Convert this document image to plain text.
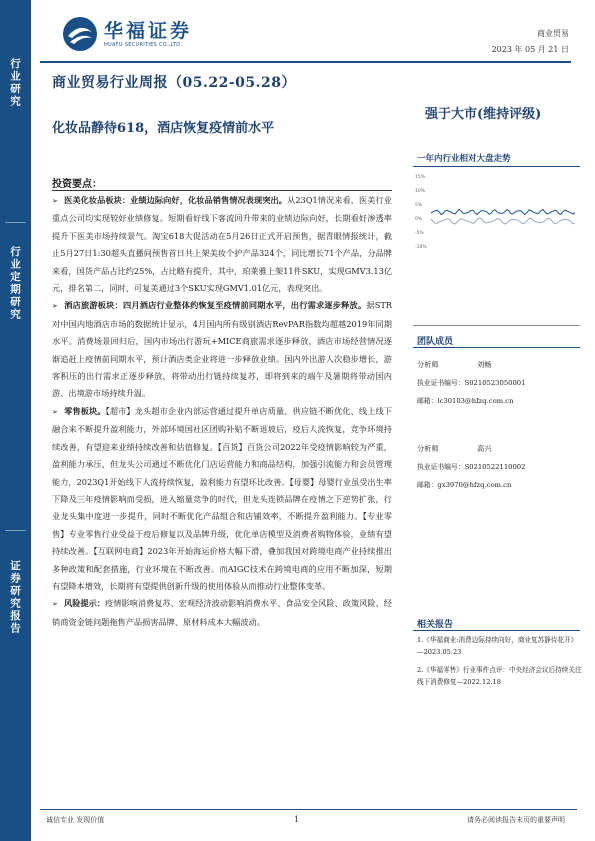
行业研究
行业定期研究
证券研究报告
华福证券
HUAFU SECURITIES CO.,LTD.
商业贸易
2023 年 05 月 21 日
商业贸易行业周报（05.22-05.28）
化妆品静待618，酒店恢复疫情前水平
强于大市(维持评级)
投资要点：

➢ 医美化妆品板块：业绩边际向好，化妆品销售情况表现突出。从23Q1情况来看，医美行业重点公司均实现较好业绩修复。短期看好线下客流回升带来的业绩边际向好，长期看好渗透率提升下医美市场持续景气。淘宝618大促活动在5月26日正式开启预售，据青眼情报统计，截止5月27日1:30超头直播间预售首日共上架美妆个护产品324个，同比增长71个产品，分品牌来看，国货产品占比约25%，占比略有提升，其中，珀莱雅上架11件SKU，实现GMV3.13亿元，排名第二，同时，可复美通过3个SKU实现GMV1.01亿元，表现突出。

➢ 酒店旅游板块：四月酒店行业整体约恢复至疫情前同期水平，出行需求逐步释放。据STR对中国内地酒店市场的数据统计显示，4月国内所有级别酒店RevPAR指数均超越2019年同期水平。消费场景回归后，国内市场出行游玩+MICE商旅需求逐步释放，酒店市场经营情况逐渐追赶上疫情前同期水平，预计酒店类企业将进一步释放业绩。国内外出游人次稳步增长，游客积压的出行需求正逐步释放，将带动出行链持续复苏，即将到来的端午及暑期将带动国内游、出境游市场持续升温。

➢ 零售板块。【超市】龙头超市企业内部运营通过提升单店质量、供应链不断优化、线上线下融合来不断提升盈利能力，外部环境国社区团购补贴不断退坡后，疫后人流恢复，竞争环境持续改善，有望迎来业绩持续改善和估值修复。【百货】百货公司2022年受疫情影响较为严重，盈利能力承压，但龙头公司通过不断优化门店运营能力和商品结构，加强引流能力和会员管理能力，2023Q1开始线下人流持续恢复，盈利能力有望环比改善。【母婴】母婴行业虽受出生率下降及三年疫情影响而受损，进入缩量竞争的时代，但龙头连锁品牌在疫情之下逆势扩张，行业龙头集中度进一步提升，同时不断优化产品组合和店铺效率，不断提升盈利能力。【专业零售】专业零售行业受益于疫后修复以及品牌升级，优化单店模型及消费者购物体验，业绩有望持续改善。【互联网电商】2023年开始海运价格大幅下滑，叠加我国对跨境电商产业持续推出多种政策和配套措施，行业环境在不断改善。而AIGC技术在跨境电商的应用不断加深，短期有望降本增效，长期将有望提供创新升级的使用体验从而推动行业整体变革。

➢ 风险提示：疫情影响消费复苏、宏观经济波动影响消费水平、食品安全风险、政策风险、经销商资金链问题拖售产品损害品牌、原材料成本大幅波动。

一年内行业相对大盘走势
15%
10%
5%
0%
-5%
-10%
团队成员
分析师	刘畅
执业证书编号：S0210523050001
邮箱：lc30103@hfzq.com.cn
分析师	高兴
执业证书编号：S0210522110002
邮箱：gx3970@hfzq.com.cn
相关报告
1.《华福商业:消费边际持续向好，商业复苏静待花开》—2023.05.23
2.《华福零售》行业事件点评：中央经济会议后持续关注线下消费修复—2022.12.18
诚信专业 发现价值	1	请务必阅读报告末页的重要声明
